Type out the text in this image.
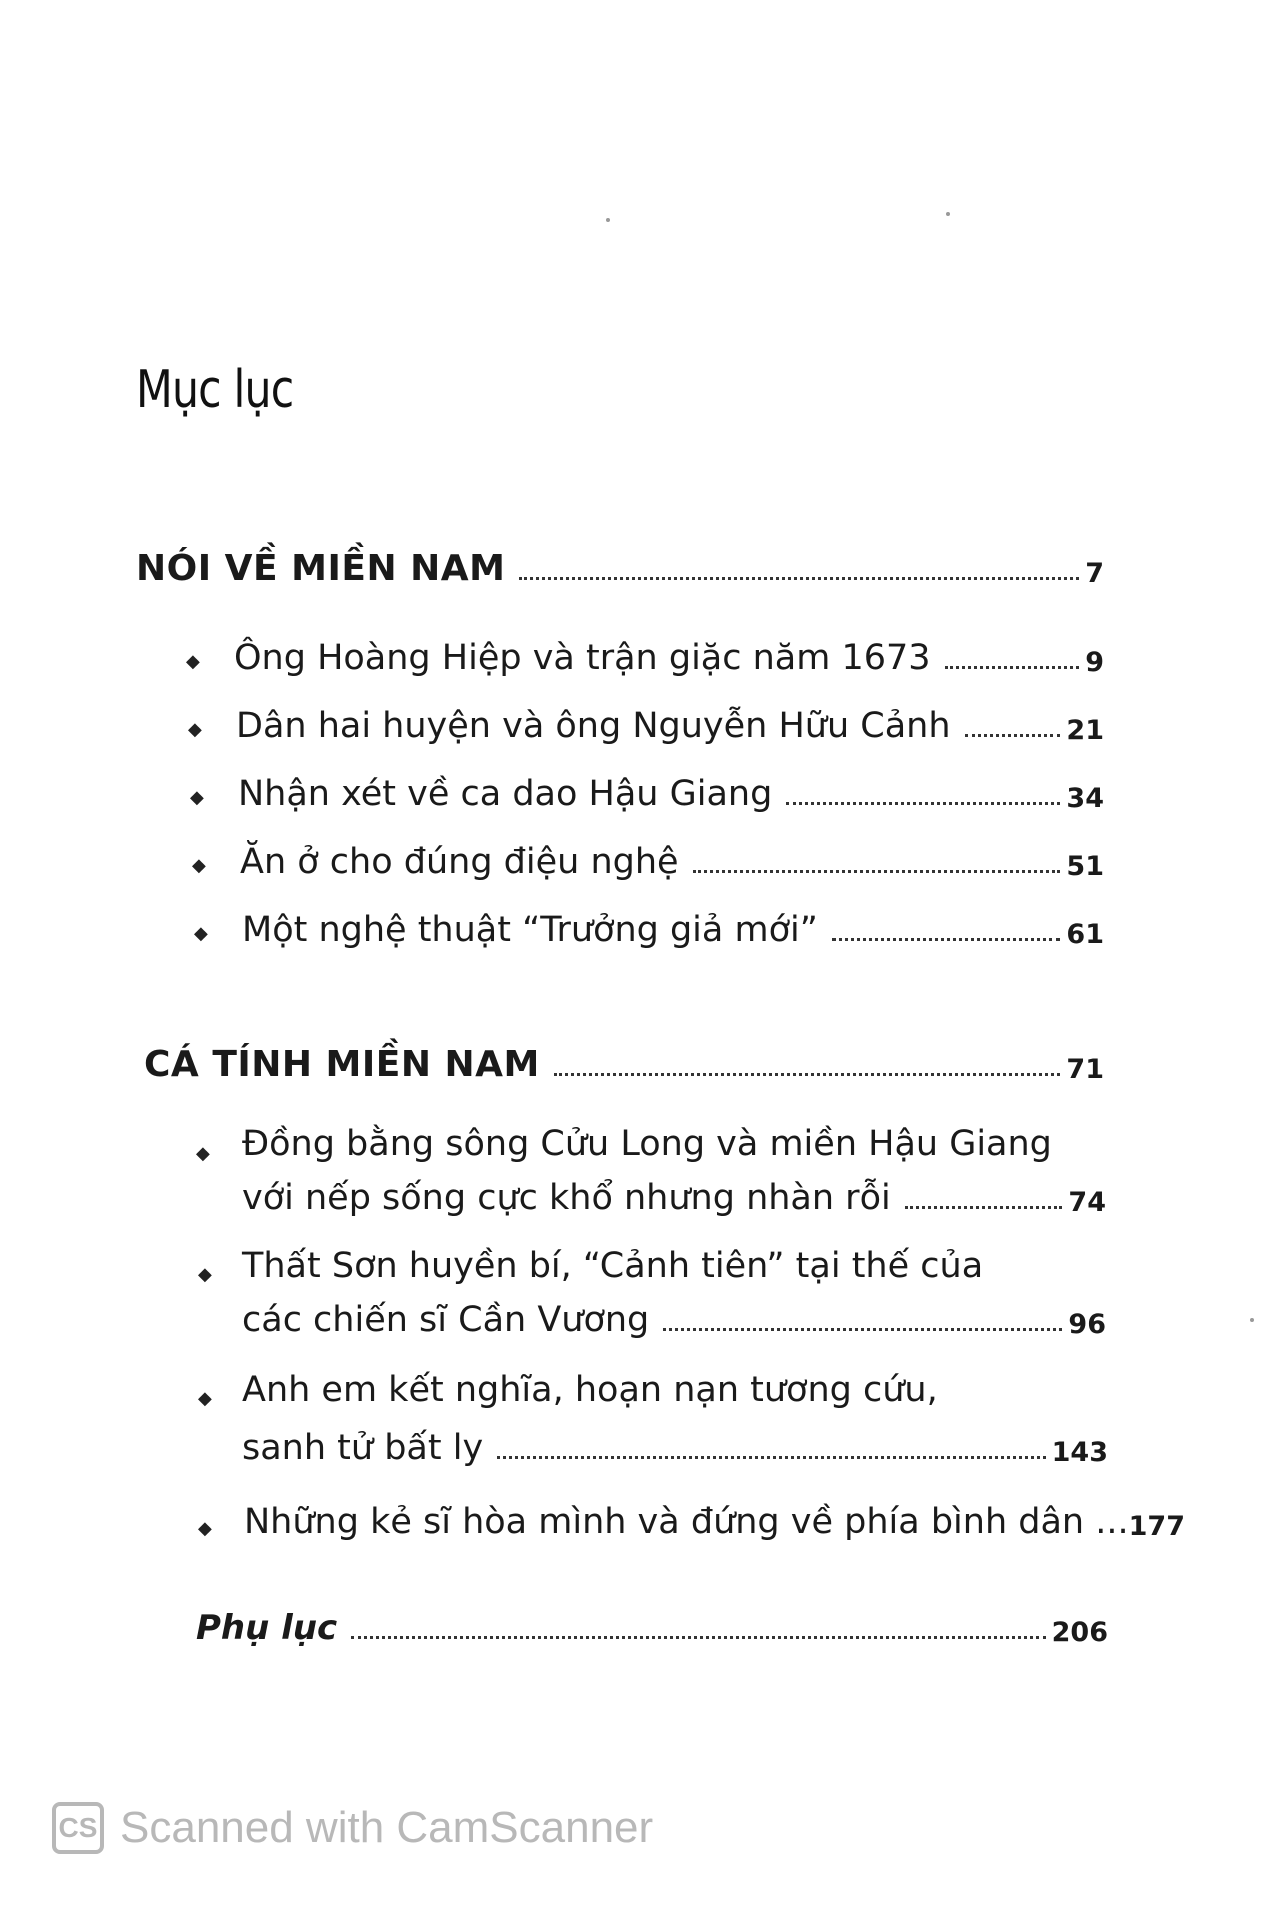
Mục lục
NÓI VỀ MIỀN NAM	7
◆ Ông Hoàng Hiệp và trận giặc năm 1673	9
◆ Dân hai huyện và ông Nguyễn Hữu Cảnh	21
◆ Nhận xét về ca dao Hậu Giang	34
◆ Ăn ở cho đúng điệu nghệ	51
◆ Một nghệ thuật “Trưởng giả mới”	61
CÁ TÍNH MIỀN NAM	71
◆ Đồng bằng sông Cửu Long và miền Hậu Giang
với nếp sống cực khổ nhưng nhàn rỗi	74
◆ Thất Sơn huyền bí, “Cảnh tiên” tại thế của
các chiến sĩ Cần Vương	96
◆ Anh em kết nghĩa, hoạn nạn tương cứu,
sanh tử bất ly	143
◆ Những kẻ sĩ hòa mình và đứng về phía bình dân ... 177
Phụ lục	206
CS Scanned with CamScanner
